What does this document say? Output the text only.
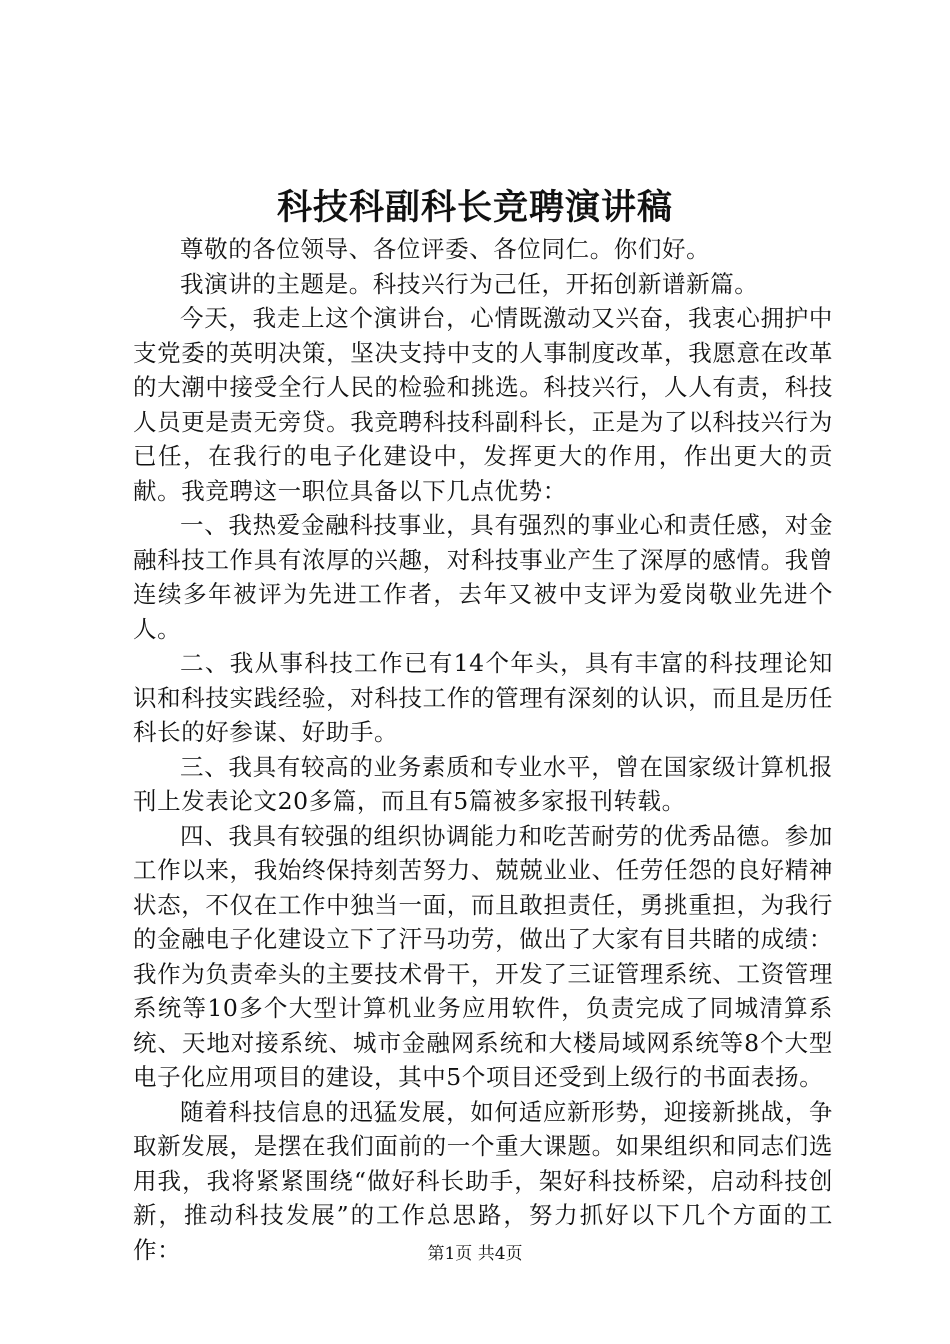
科技科副科长竞聘演讲稿

尊敬的各位领导、各位评委、各位同仁。你们好。

我演讲的主题是。科技兴行为己任，开拓创新谱新篇。

今天，我走上这个演讲台，心情既激动又兴奋，我衷心拥护中支党委的英明决策，坚决支持中支的人事制度改革，我愿意在改革的大潮中接受全行人民的检验和挑选。科技兴行，人人有责，科技人员更是责无旁贷。我竞聘科技科副科长，正是为了以科技兴行为已任，在我行的电子化建设中，发挥更大的作用，作出更大的贡献。我竞聘这一职位具备以下几点优势：

一、我热爱金融科技事业，具有强烈的事业心和责任感，对金融科技工作具有浓厚的兴趣，对科技事业产生了深厚的感情。我曾连续多年被评为先进工作者，去年又被中支评为爱岗敬业先进个人。

二、我从事科技工作已有14个年头，具有丰富的科技理论知识和科技实践经验，对科技工作的管理有深刻的认识，而且是历任科长的好参谋、好助手。

三、我具有较高的业务素质和专业水平，曾在国家级计算机报刊上发表论文20多篇，而且有5篇被多家报刊转载。

四、我具有较强的组织协调能力和吃苦耐劳的优秀品德。参加工作以来，我始终保持刻苦努力、兢兢业业、任劳任怨的良好精神状态，不仅在工作中独当一面，而且敢担责任，勇挑重担，为我行的金融电子化建设立下了汗马功劳，做出了大家有目共睹的成绩：我作为负责牵头的主要技术骨干，开发了三证管理系统、工资管理系统等10多个大型计算机业务应用软件，负责完成了同城清算系统、天地对接系统、城市金融网系统和大楼局域网系统等8个大型电子化应用项目的建设，其中5个项目还受到上级行的书面表扬。

随着科技信息的迅猛发展，如何适应新形势，迎接新挑战，争取新发展，是摆在我们面前的一个重大课题。如果组织和同志们选用我，我将紧紧围绕“做好科长助手，架好科技桥梁，启动科技创新，推动科技发展”的工作总思路，努力抓好以下几个方面的工作：	第1页 共4页
